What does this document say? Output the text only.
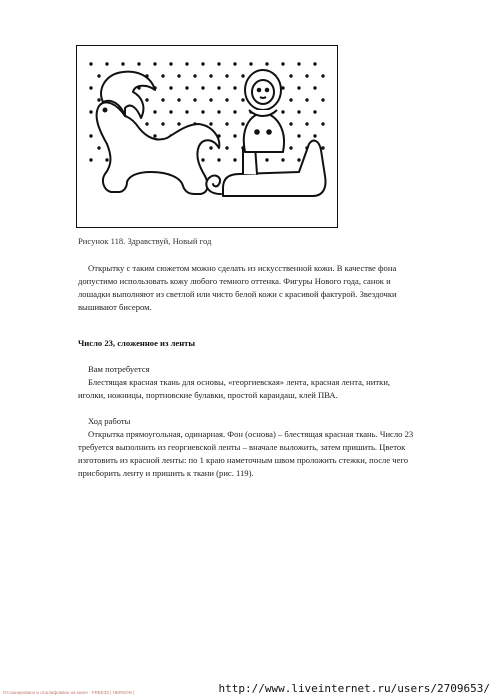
Рисунок 118. Здравствуй, Новый год

Открытку с таким сюжетом можно сделать из искусственной кожи. В качестве фона
допустимо использовать кожу любого темного оттенка. Фигуры Нового года, санок и
лошадки выполняют из светлой или чисто белой кожи с красивой фактурой. Звездочки
вышивают бисером.

Число 23, сложенное из ленты

Вам потребуется
Блестящая красная ткань для основы, «георгиевская» лента, красная лента, нитки,
иголки, ножницы, портновские булавки, простой карандаш, клей ПВА.

Ход работы
Открытка прямоугольная, одинарная. Фон (основа) – блестящая красная ткань. Число 23
требуется выполнить из георгиевской ленты – вначале выложить, затем пришить. Цветок
изготовить из красной ленты: по 1 краю наметочным швом проложить стежки, после чего
присборить ленту и пришить к ткани (рис. 119).

Отсканировано и отшлифовано на книге - FREE33 | HERSON |	http://www.liveinternet.ru/users/2709653/
